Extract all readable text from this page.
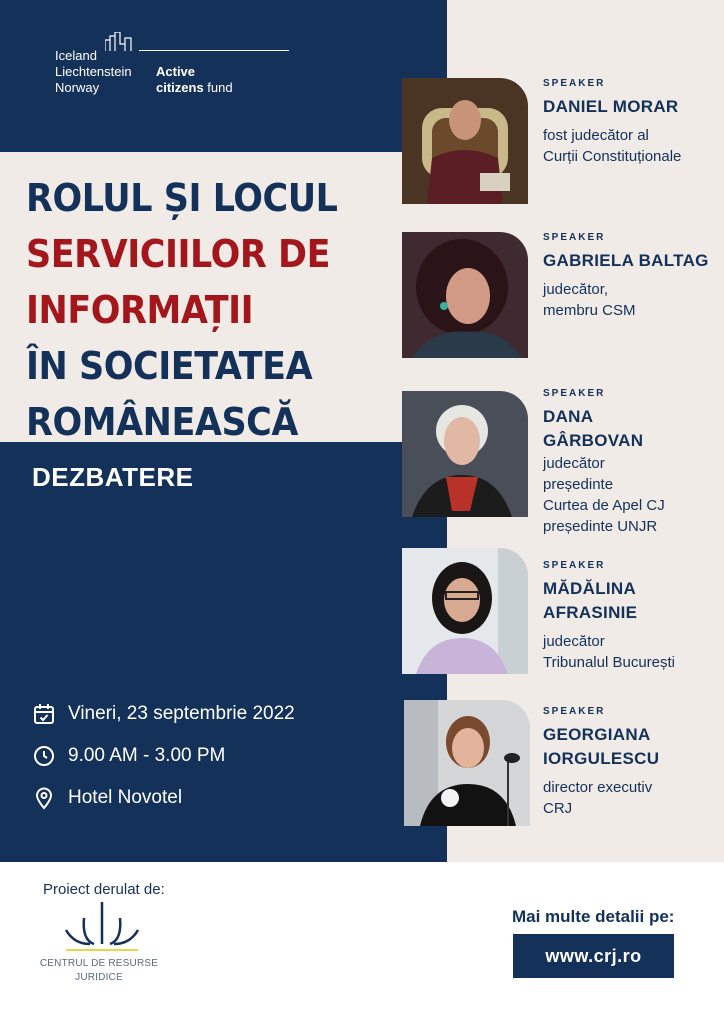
Iceland
Liechtenstein
Norway
Active
citizens fund
ROLUL ȘI LOCUL
SERVICIILOR DE
INFORMAȚII
ÎN SOCIETATEA
ROMÂNEASCĂ
DEZBATERE
Vineri, 23 septembrie 2022
9.00 AM - 3.00 PM
Hotel Novotel
SPEAKER
DANIEL MORAR
fost judecător al
Curții Constituționale
SPEAKER
GABRIELA BALTAG
judecător,
membru CSM
SPEAKER
DANA
GÂRBOVAN
judecător
președinte
Curtea de Apel CJ
președinte UNJR
SPEAKER
MĂDĂLINA
AFRASINIE
judecător
Tribunalul București
SPEAKER
GEORGIANA
IORGULESCU
director executiv
CRJ
Proiect derulat de:
CENTRUL DE RESURSE
JURIDICE
Mai multe detalii pe:
www.crj.ro
